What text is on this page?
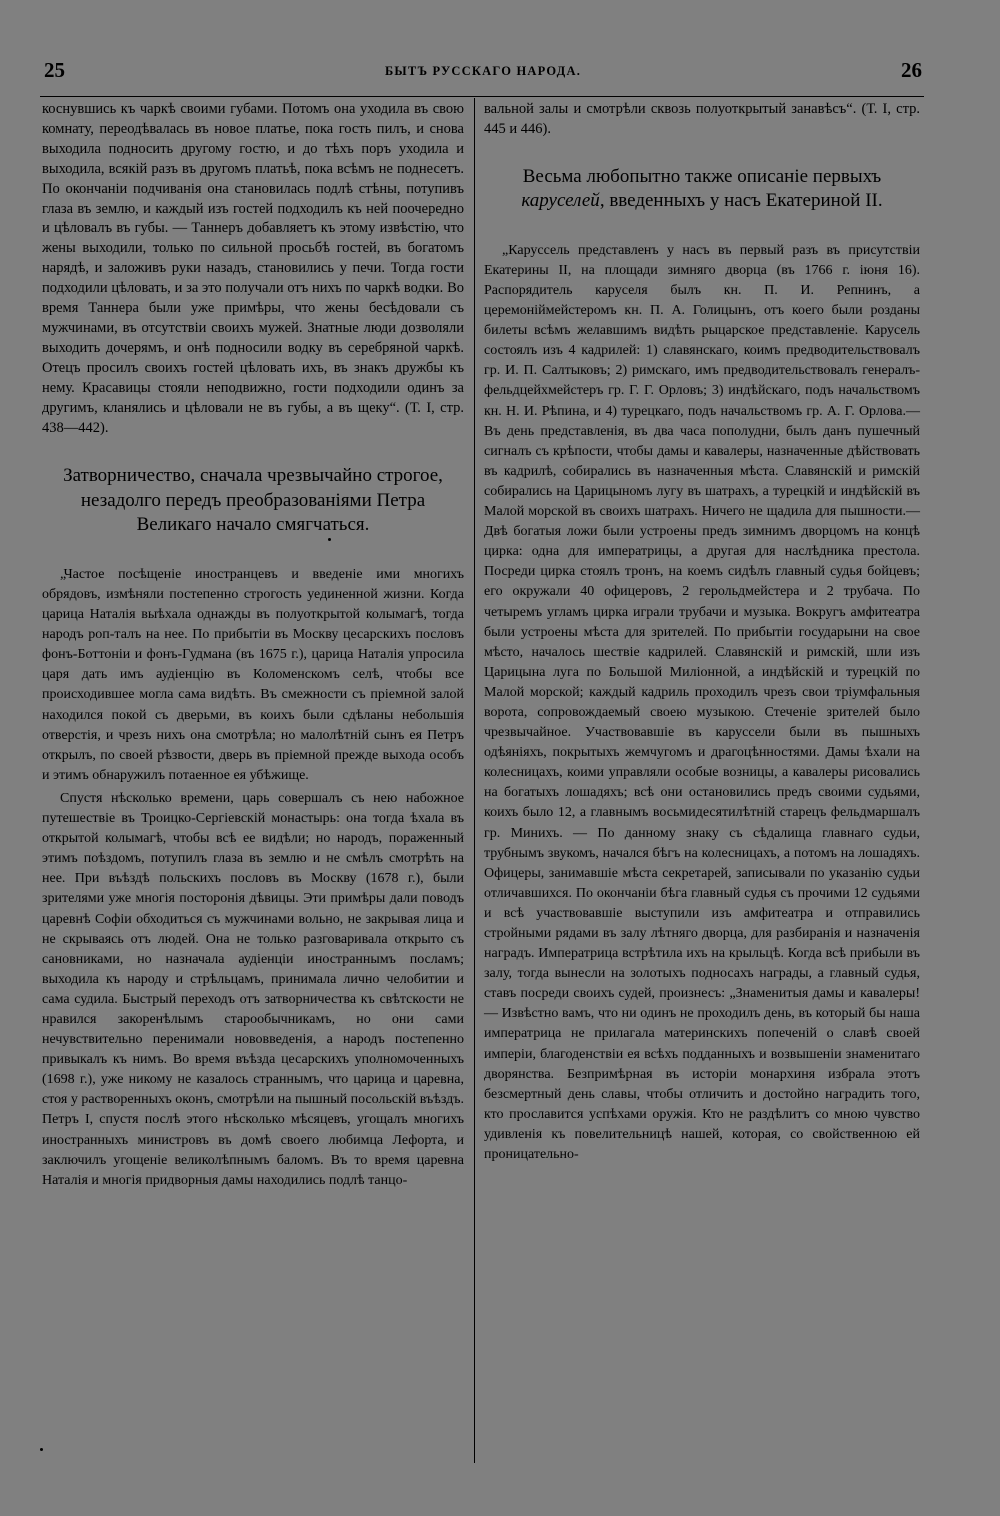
25	БЫТЪ РУССКАГО НАРОДА.	26

коснувшись къ чаркѣ своими губами. Потомъ она уходила въ свою комнату, переодѣвалась въ новое платье, пока гость пилъ, и снова выходила подносить другому гостю, и до тѣхъ поръ уходила и выходила, всякій разъ въ другомъ платьѣ, пока всѣмъ не поднесетъ. По окончаніи подчиванія она становилась подлѣ стѣны, потупивъ глаза въ землю, и каждый изъ гостей подходилъ къ ней поочередно и цѣловалъ въ губы. — Таннеръ добавляетъ къ этому извѣстію, что жены выходили, только по сильной просьбѣ гостей, въ богатомъ нарядѣ, и заложивъ руки назадъ, становились у печи. Тогда гости подходили цѣловать, и за это получали отъ нихъ по чаркѣ водки. Во время Таннера были уже примѣры, что жены бесѣдовали съ мужчинами, въ отсутствіи своихъ мужей. Знатные люди дозволяли выходить дочерямъ, и онѣ подносили водку въ серебряной чаркѣ. Отецъ просилъ своихъ гостей цѣловать ихъ, въ знакъ дружбы къ нему. Красавицы стояли неподвижно, гости подходили одинъ за другимъ, кланялись и цѣловали не въ губы, а въ щеку“. (Т. I, стр. 438—442).

Затворничество, сначала чрезвычайно строгое, незадолго передъ преобразованіями Петра Великаго начало смягчаться.

„Частое посѣщеніе иностранцевъ и введеніе ими многихъ обрядовъ, измѣняли постепенно строгость уединенной жизни. Когда царица Наталія выѣхала однажды въ полуоткрытой колымагѣ, тогда народъ роп-талъ на нее. По прибытіи въ Москву цесарскихъ пословъ фонъ-Боттоніи и фонъ-Гудмана (въ 1675 г.), царица Наталія упросила царя дать имъ аудіенцію въ Коломенскомъ селѣ, чтобы все происходившее могла сама видѣть. Въ смежности съ пріемной залой находился покой съ дверьми, въ коихъ были сдѣланы небольшія отверстія, и чрезъ нихъ она смотрѣла; но малолѣтній сынъ ея Петръ открылъ, по своей рѣзвости, дверь въ пріемной прежде выхода особъ и этимъ обнаружилъ потаенное ея убѣжище.

Спустя нѣсколько времени, царь совершалъ съ нею набожное путешествіе въ Троицко-Сергіевскій монастырь: она тогда ѣхала въ открытой колымагѣ, чтобы всѣ ее видѣли; но народъ, пораженный этимъ поѣздомъ, потупилъ глаза въ землю и не смѣлъ смотрѣть на нее. При въѣздѣ польскихъ пословъ въ Москву (1678 г.), были зрителями уже многія посторонія дѣвицы. Эти примѣры дали поводъ царевнѣ Софіи обходиться съ мужчинами вольно, не закрывая лица и не скрываясь отъ людей. Она не только разговаривала открыто съ сановниками, но назначала аудіенціи иностраннымъ посламъ; выходила къ народу и стрѣльцамъ, принимала лично челобитии и сама судила. Быстрый переходъ отъ затворничества къ свѣтскости не нравился закоренѣлымъ старообычникамъ, но они сами нечувствительно перенимали нововведенія, а народъ постепенно привыкалъ къ нимъ. Во время въѣзда цесарскихъ уполномоченныхъ (1698 г.), уже никому не казалось страннымъ, что царица и царевна, стоя у растворенныхъ оконъ, смотрѣли на пышный посольскій въѣздъ. Петръ I, спустя послѣ этого нѣсколько мѣсяцевъ, угощалъ многихъ иностранныхъ министровъ въ домѣ своего любимца Лефорта, и заключилъ угощеніе великолѣпнымъ баломъ. Въ то время царевна Наталія и многія придворныя дамы находились подлѣ танцо-

вальной залы и смотрѣли сквозь полуоткрытый занавѣсъ“. (Т. I, стр. 445 и 446).

Весьма любопытно также описаніе первыхъ каруселей, введенныхъ у насъ Екатериной II.

„Каруссель представленъ у насъ въ первый разъ въ присутствіи Екатерины II, на площади зимняго дворца (въ 1766 г. іюня 16). Распорядитель каруселя былъ кн. П. И. Репнинъ, а церемоніймейстеромъ кн. П. А. Голицынъ, отъ коего были розданы билеты всѣмъ желавшимъ видѣть рыцарское представленіе. Карусель состоялъ изъ 4 кадрилей: 1) славянскаго, коимъ предводительствовалъ гр. И. П. Салтыковъ; 2) римскаго, имъ предводительствовалъ генералъ-фельдцейхмейстеръ гр. Г. Г. Орловъ; 3) индѣйскаго, подъ начальствомъ кн. Н. И. Рѣпина, и 4) турецкаго, подъ начальствомъ гр. А. Г. Орлова.—Въ день представленія, въ два часа пополудни, былъ данъ пушечный сигналъ съ крѣпости, чтобы дамы и кавалеры, назначенные дѣйствовать въ кадрилѣ, собирались въ назначенныя мѣста. Славянскій и римскій собирались на Царицыномъ лугу въ шатрахъ, а турецкій и индѣйскій въ Малой морской въ своихъ шатрахъ. Ничего не щадила для пышности.—Двѣ богатыя ложи были устроены предъ зимнимъ дворцомъ на концѣ цирка: одна для императрицы, а другая для наслѣдника престола. Посреди цирка стоялъ тронъ, на коемъ сидѣлъ главный судья бойцевъ; его окружали 40 офицеровъ, 2 герольдмейстера и 2 трубача. По четыремъ угламъ цирка играли трубачи и музыка. Вокругъ амфитеатра были устроены мѣста для зрителей. По прибытіи государыни на свое мѣсто, началось шествіе кадрилей. Славянскій и римскій, шли изъ Царицына луга по Большой Миліонной, а индѣйскій и турецкій по Малой морской; каждый кадриль проходилъ чрезъ свои тріумфальныя ворота, сопровождаемый своею музыкою. Стеченіе зрителей было чрезвычайное. Участвовавшіе въ каруссели были въ пышныхъ одѣяніяхъ, покрытыхъ жемчугомъ и драгоцѣнностями. Дамы ѣхали на колесницахъ, коими управляли особые возницы, а кавалеры рисовались на богатыхъ лошадяхъ; всѣ они остановились предъ своими судьями, коихъ было 12, а главнымъ восьмидесятилѣтній старецъ фельдмаршалъ гр. Минихъ. — По данному знаку съ сѣдалища главнаго судьи, трубнымъ звукомъ, начался бѣгъ на колесницахъ, а потомъ на лошадяхъ. Офицеры, занимавшіе мѣста секретарей, записывали по указанію судьи отличавшихся. По окончаніи бѣга главный судья съ прочими 12 судьями и всѣ участвовавшіе выступили изъ амфитеатра и отправились стройными рядами въ залу лѣтняго дворца, для разбиранія и назначенія наградъ. Императрица встрѣтила ихъ на крыльцѣ. Когда всѣ прибыли въ залу, тогда вынесли на золотыхъ подносахъ награды, а главный судья, ставъ посреди своихъ судей, произнесъ: „Знаменитыя дамы и кавалеры! — Извѣстно вамъ, что ни одинъ не проходилъ день, въ который бы наша императрица не прилагала материнскихъ попеченій о славѣ своей имперіи, благоденствіи ея всѣхъ подданныхъ и возвышеніи знаменитаго дворянства. Безпримѣрная въ исторіи монархиня избрала этотъ безсмертный день славы, чтобы отличить и достойно наградить того, кто прославится успѣхами оружія. Кто не раздѣлитъ со мною чувство удивленія къ повелительницѣ нашей, которая, со свойственною ей проницательно-
